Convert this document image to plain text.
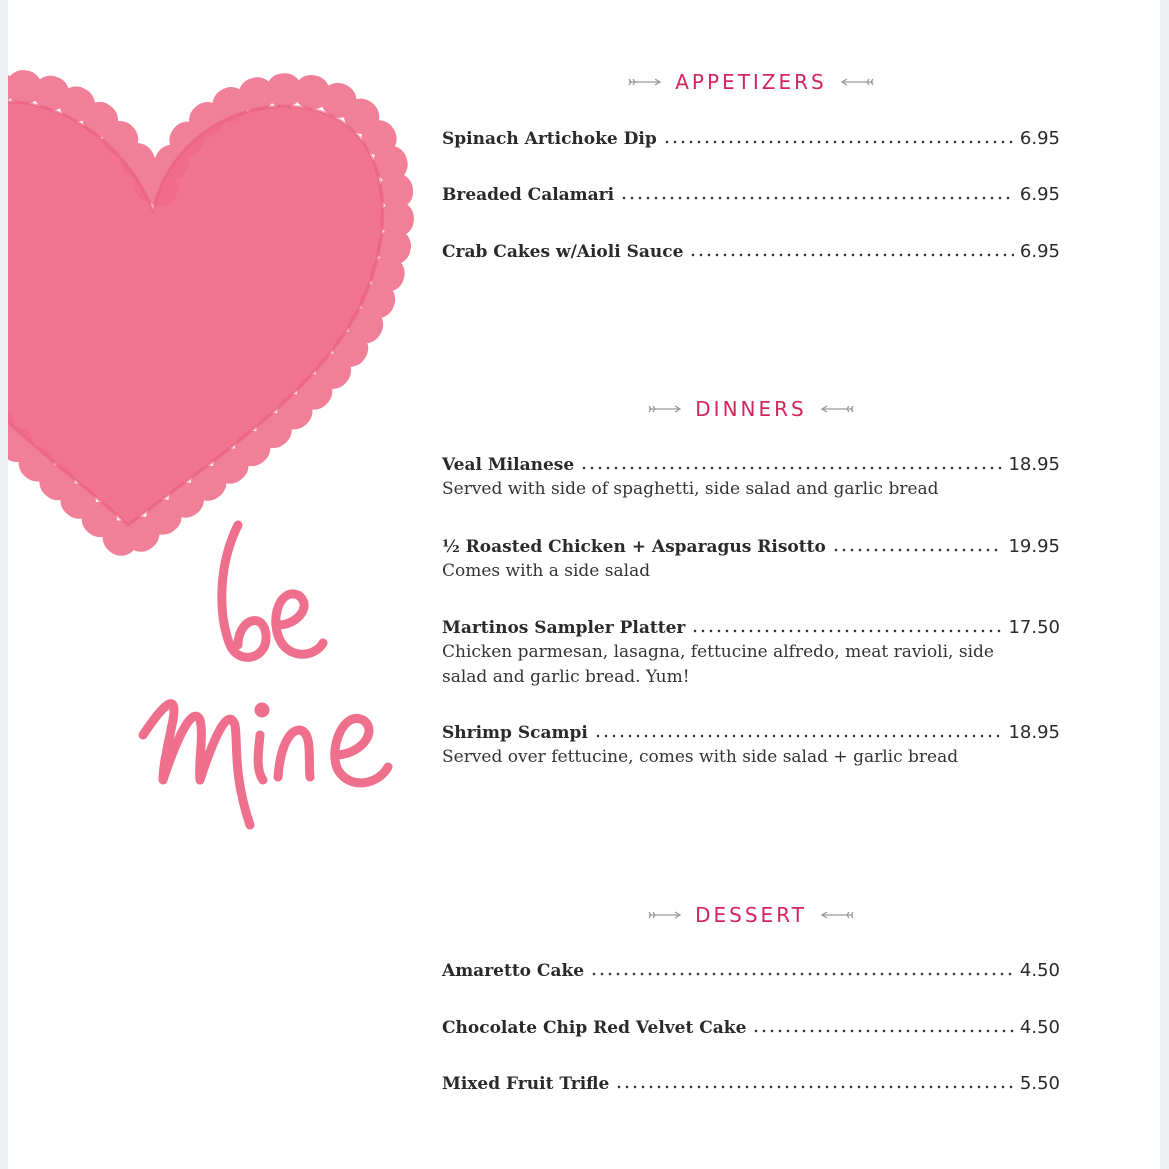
APPETIZERS
Spinach Artichoke Dip	6.95
Breaded Calamari	6.95
Crab Cakes w/Aioli Sauce	6.95
DINNERS
Veal Milanese	18.95
Served with side of spaghetti, side salad and garlic bread
½ Roasted Chicken + Asparagus Risotto	19.95
Comes with a side salad
Martinos Sampler Platter	17.50
Chicken parmesan, lasagna, fettucine alfredo, meat ravioli, side salad and garlic bread. Yum!
Shrimp Scampi	18.95
Served over fettucine, comes with side salad + garlic bread
DESSERT
Amaretto Cake	4.50
Chocolate Chip Red Velvet Cake	4.50
Mixed Fruit Trifle	5.50
